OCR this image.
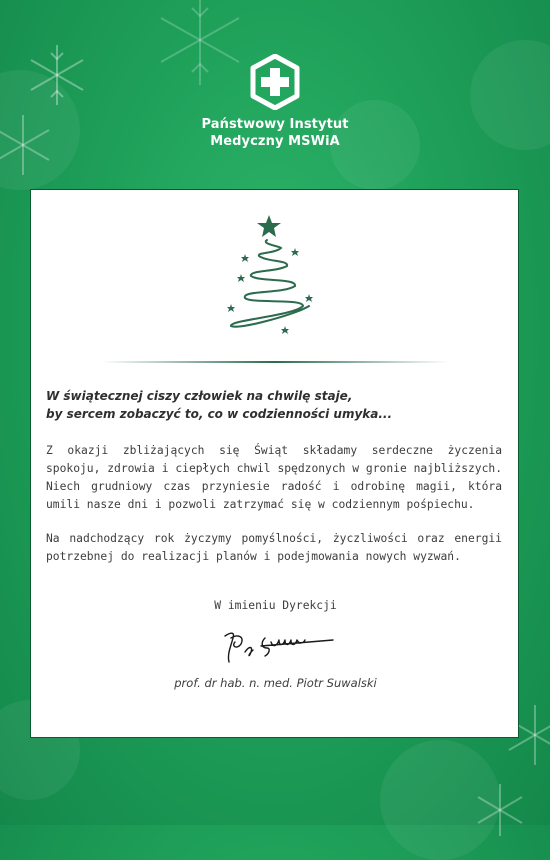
Państwowy Instytut
Medyczny MSWiA
W świątecznej ciszy człowiek na chwilę staje,
by sercem zobaczyć to, co w codzienności umyka...
Z okazji zbliżających się Świąt składamy serdeczne życzenia spokoju, zdrowia i ciepłych chwil spędzonych w gronie najbliższych. Niech grudniowy czas przyniesie radość i odrobinę magii, która umili nasze dni i pozwoli zatrzymać się w codziennym pośpiechu.
Na nadchodzący rok życzymy pomyślności, życzliwości oraz energii potrzebnej do realizacji planów i podejmowania nowych wyzwań.
W imieniu Dyrekcji
prof. dr hab. n. med. Piotr Suwalski
